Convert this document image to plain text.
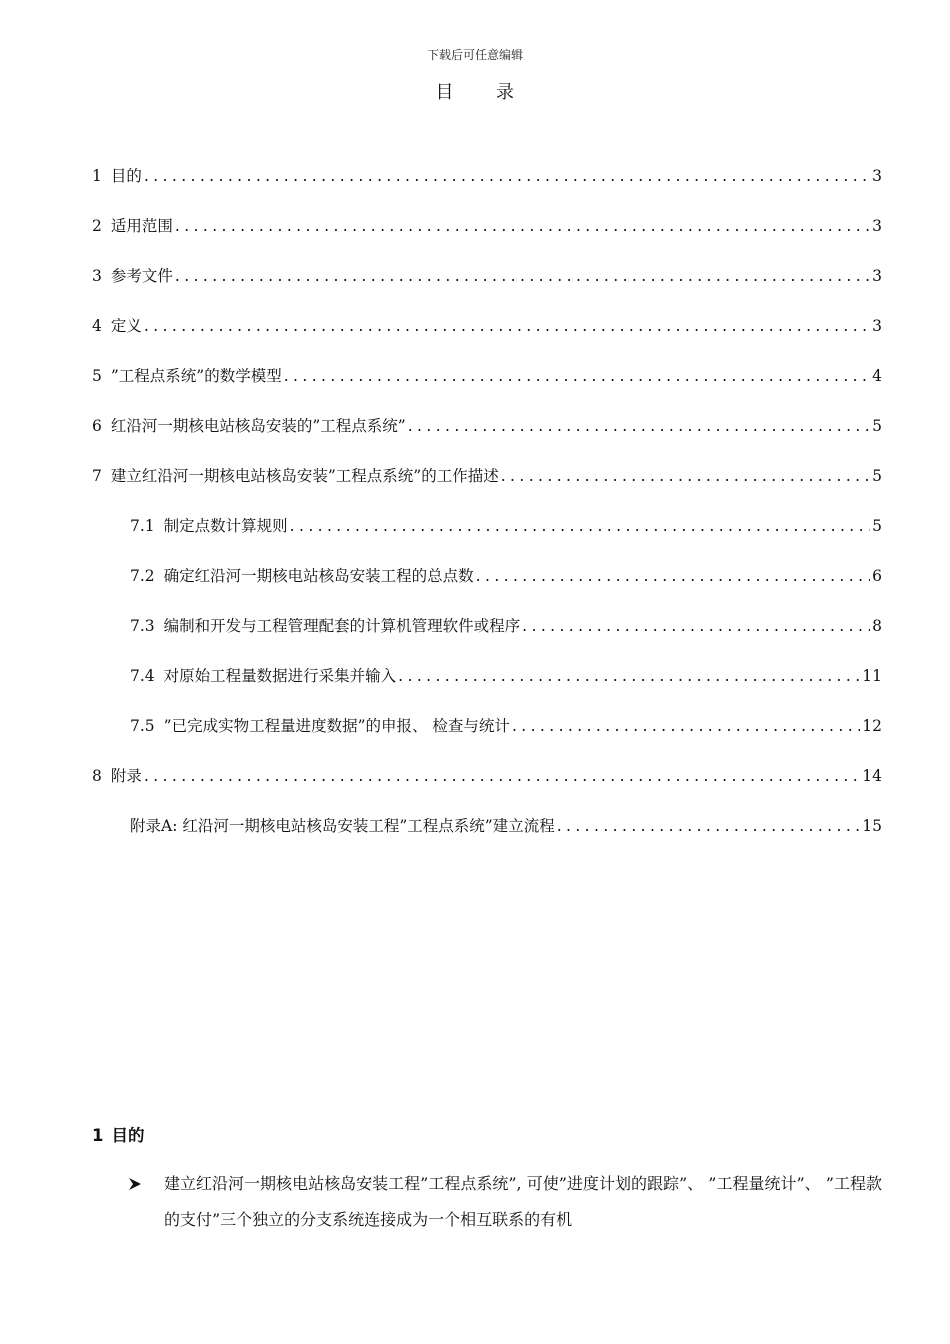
下载后可任意编辑
目 录
1 目的 .....	3
2 适用范围 .....	3
3 参考文件 .....	3
4 定义 .....	3
5 ”工程点系统”的数学模型 .....	4
6 红沿河一期核电站核岛安装的”工程点系统” .....	5
7 建立红沿河一期核电站核岛安装”工程点系统”的工作描述 .....	5
7.1 制定点数计算规则 .....	5
7.2 确定红沿河一期核电站核岛安装工程的总点数 .....	6
7.3 编制和开发与工程管理配套的计算机管理软件或程序 .....	8
7.4 对原始工程量数据进行采集并输入 .....	11
7.5 ”已完成实物工程量进度数据”的申报、 检查与统计 .....	12
8 附录 .....	14
附录A: 红沿河一期核电站核岛安装工程”工程点系统”建立流程 .....	15
1 目的
建立红沿河一期核电站核岛安装工程”工程点系统”, 可使”进度计划的跟踪”、 ”工程量统计”、 ”工程款的支付”三个独立的分支系统连接成为一个相互联系的有机
